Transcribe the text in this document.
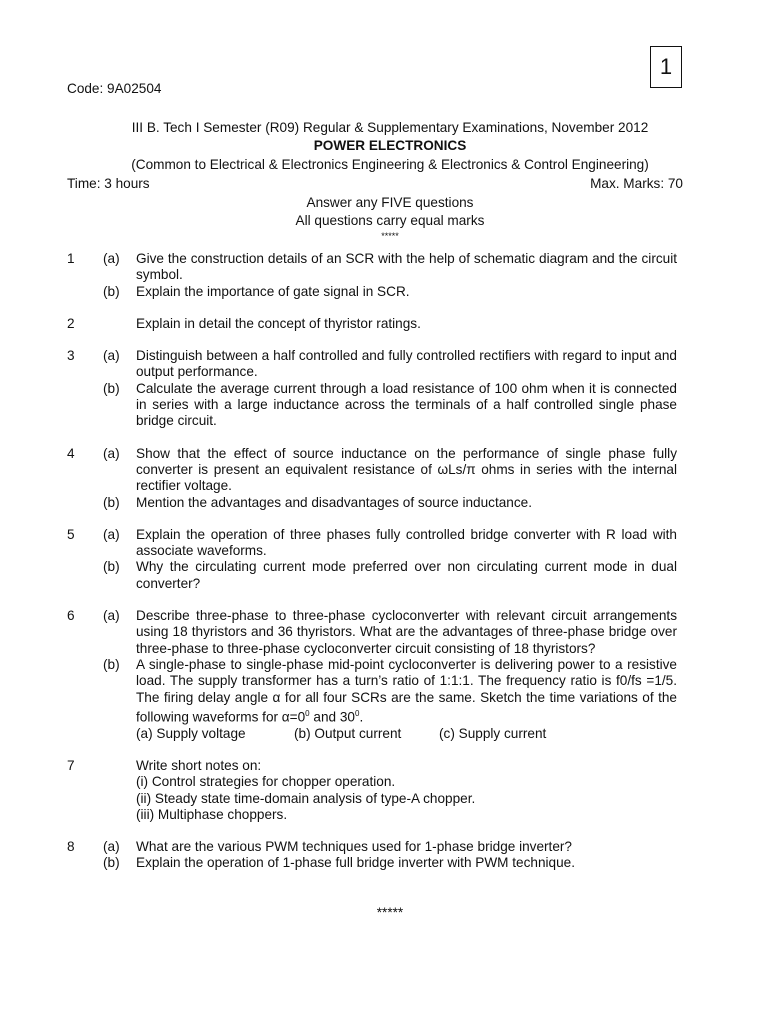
1
Code: 9A02504
III B. Tech I Semester (R09) Regular & Supplementary Examinations, November 2012
POWER ELECTRONICS
(Common to Electrical & Electronics Engineering & Electronics & Control Engineering)
Time: 3 hours	Max. Marks: 70
Answer any FIVE questions
All questions carry equal marks
*****
1	(a)	Give the construction details of an SCR with the help of schematic diagram and the circuit symbol.
(b)	Explain the importance of gate signal in SCR.
2	Explain in detail the concept of thyristor ratings.
3	(a)	Distinguish between a half controlled and fully controlled rectifiers with regard to input and output performance.
(b)	Calculate the average current through a load resistance of 100 ohm when it is connected in series with a large inductance across the terminals of a half controlled single phase bridge circuit.
4	(a)	Show that the effect of source inductance on the performance of single phase fully converter is present an equivalent resistance of ωLs/π ohms in series with the internal rectifier voltage.
(b)	Mention the advantages and disadvantages of source inductance.
5	(a)	Explain the operation of three phases fully controlled bridge converter with R load with associate waveforms.
(b)	Why the circulating current mode preferred over non circulating current mode in dual converter?
6	(a)	Describe three-phase to three-phase cycloconverter with relevant circuit arrangements using 18 thyristors and 36 thyristors. What are the advantages of three-phase bridge over three-phase to three-phase cycloconverter circuit consisting of 18 thyristors?
(b)	A single-phase to single-phase mid-point cycloconverter is delivering power to a resistive load. The supply transformer has a turn’s ratio of 1:1:1. The frequency ratio is f0/fs =1/5. The firing delay angle α for all four SCRs are the same. Sketch the time variations of the following waveforms for $\alpha=0^0$ and $30^0$.
(a) Supply voltage	(b) Output current	(c) Supply current
7	Write short notes on:
(i) Control strategies for chopper operation.
(ii) Steady state time-domain analysis of type-A chopper.
(iii) Multiphase choppers.
8	(a)	What are the various PWM techniques used for 1-phase bridge inverter?
(b)	Explain the operation of 1-phase full bridge inverter with PWM technique.
*****
